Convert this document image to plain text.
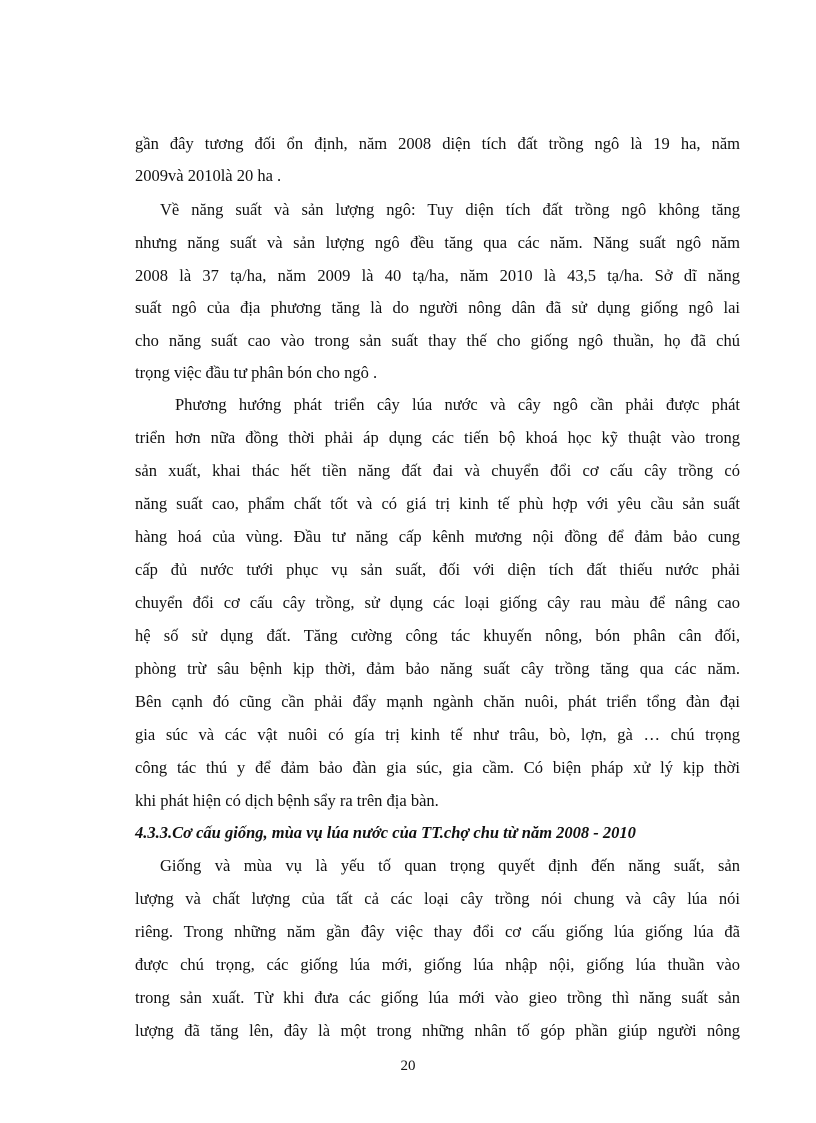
gần đây tương đối ổn định, năm 2008 diện tích đất trồng ngô là 19 ha, năm
2009và 2010là 20 ha .
Về năng suất và sản lượng ngô: Tuy diện tích đất trồng ngô không tăng
nhưng năng suất và sản lượng ngô đều tăng qua các năm. Năng suất ngô năm
2008 là 37 tạ/ha, năm 2009 là 40 tạ/ha, năm 2010 là 43,5 tạ/ha. Sở dĩ năng
suất ngô của địa phương tăng là do người nông dân đã sử dụng giống ngô lai
cho năng suất cao vào trong sản suất thay thế cho giống ngô thuần, họ đã chú
trọng việc đầu tư phân bón cho ngô .
Phương hướng phát triển cây lúa nước và cây ngô cần phải được phát
triển hơn nữa đồng thời phải áp dụng các tiến bộ khoá học kỹ thuật vào trong
sản xuất, khai thác hết tiền năng đất đai và chuyển đổi cơ cấu cây trồng có
năng suất cao, phẩm chất tốt và có giá trị kinh tế phù hợp với yêu cầu sản suất
hàng hoá của vùng. Đầu tư năng cấp kênh mương nội đồng để đảm bảo cung
cấp đủ nước tưới phục vụ sản suất, đối với diện tích đất thiếu nước phải
chuyển đổi cơ cấu cây trồng, sử dụng các loại giống cây rau màu để nâng cao
hệ số sử dụng đất. Tăng cường công tác khuyến nông, bón phân cân đối,
phòng trừ sâu bệnh kịp thời, đảm bảo năng suất cây trồng tăng qua các năm.
Bên cạnh đó cũng cần phải đẩy mạnh ngành chăn nuôi, phát triển tổng đàn đại
gia súc và các vật nuôi có gía trị kinh tế như trâu, bò, lợn, gà … chú trọng
công tác thú y để đảm bảo đàn gia súc, gia cầm. Có biện pháp xử lý kịp thời
khi phát hiện có dịch bệnh sẩy ra trên địa bàn.
4.3.3.Cơ cấu giống, mùa vụ lúa nước của TT.chợ chu từ năm 2008 - 2010
Giống và mùa vụ là yếu tố quan trọng quyết định đến năng suất, sản
lượng và chất lượng của tất cả các loại cây trồng nói chung và cây lúa nói
riêng. Trong những năm gần đây việc thay đổi cơ cấu giống lúa giống lúa đã
được chú trọng, các giống lúa mới, giống lúa nhập nội, giống lúa thuần vào
trong sản xuất. Từ khi đưa các giống lúa mới vào gieo trồng thì năng suất sản
lượng đã tăng lên, đây là một trong những nhân tố góp phần giúp người nông
20
